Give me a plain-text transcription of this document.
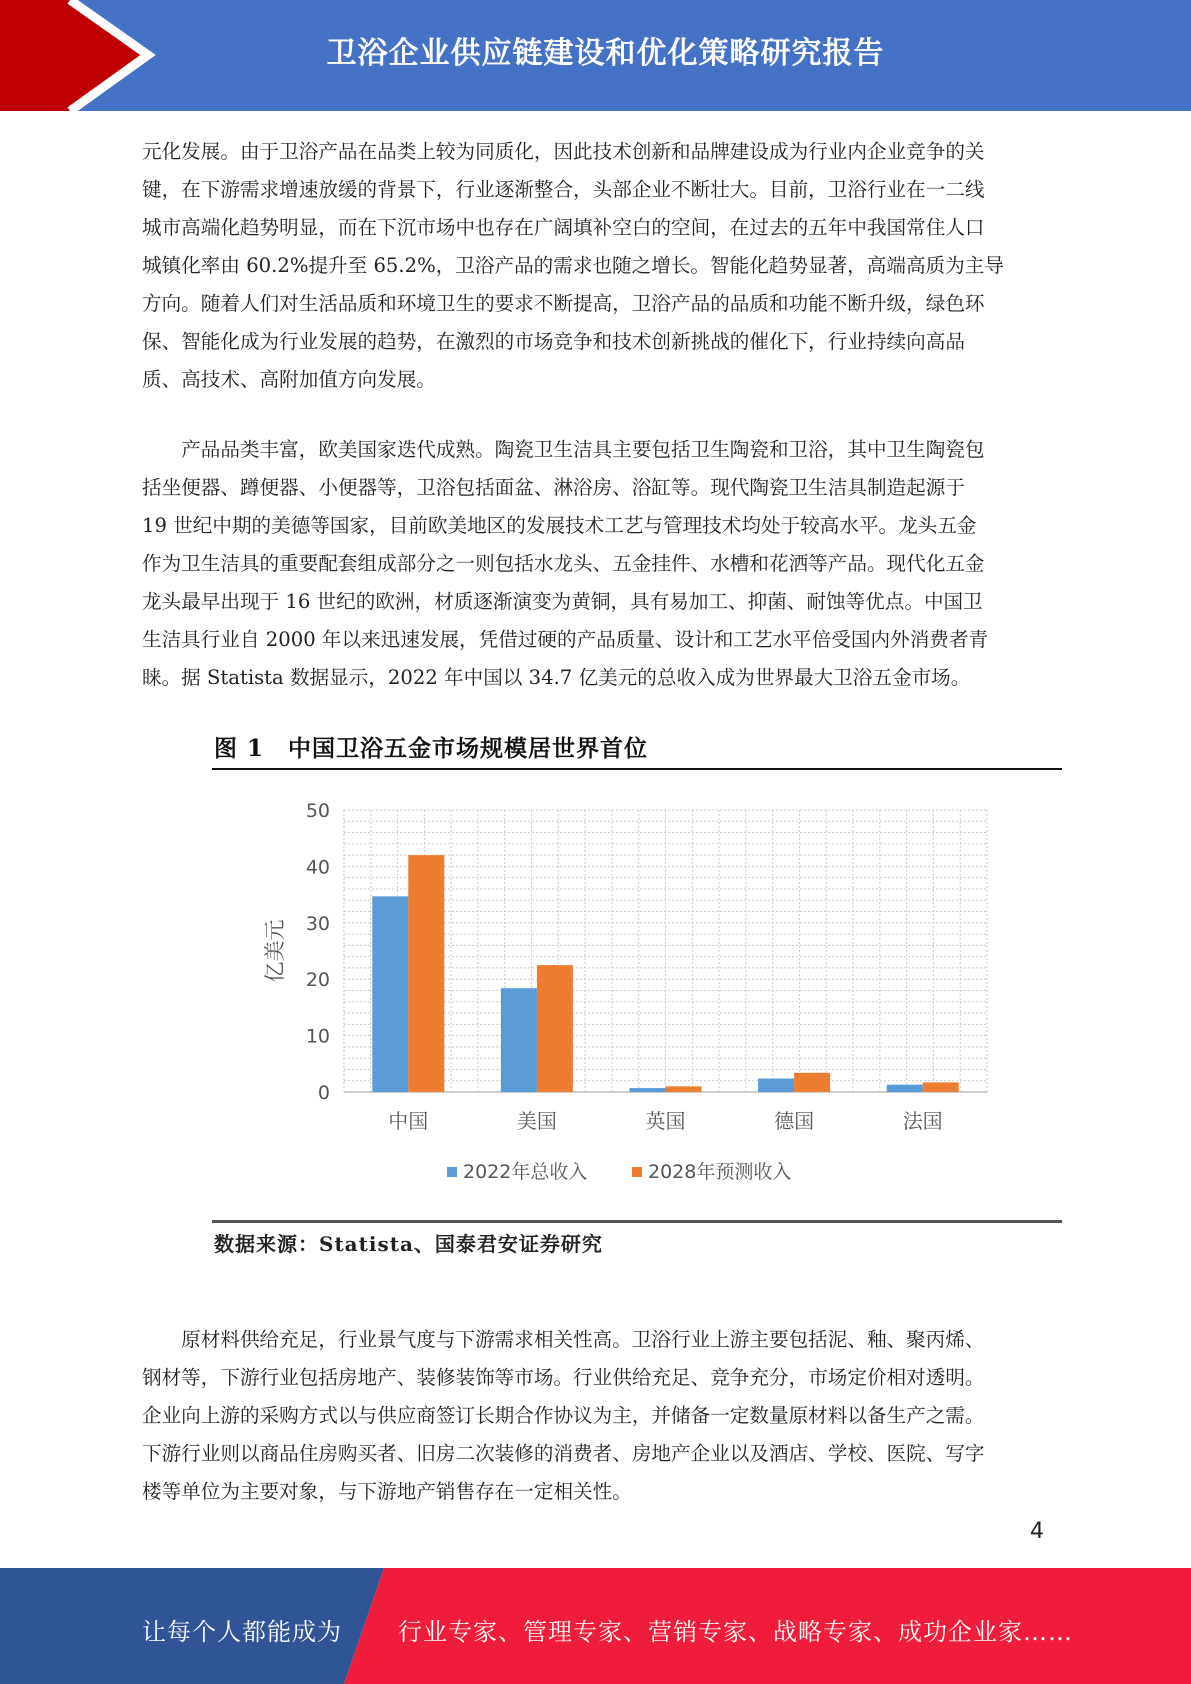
卫浴企业供应链建设和优化策略研究报告
元化发展。由于卫浴产品在品类上较为同质化，因此技术创新和品牌建设成为行业内企业竞争的关
键，在下游需求增速放缓的背景下，行业逐渐整合，头部企业不断壮大。目前，卫浴行业在一二线
城市高端化趋势明显，而在下沉市场中也存在广阔填补空白的空间，在过去的五年中我国常住人口
城镇化率由 60.2%提升至 65.2%，卫浴产品的需求也随之增长。智能化趋势显著，高端高质为主导
方向。随着人们对生活品质和环境卫生的要求不断提高，卫浴产品的品质和功能不断升级，绿色环
保、智能化成为行业发展的趋势，在激烈的市场竞争和技术创新挑战的催化下，行业持续向高品
质、高技术、高附加值方向发展。
　　产品品类丰富，欧美国家迭代成熟。陶瓷卫生洁具主要包括卫生陶瓷和卫浴，其中卫生陶瓷包
括坐便器、蹲便器、小便器等，卫浴包括面盆、淋浴房、浴缸等。现代陶瓷卫生洁具制造起源于
19 世纪中期的美德等国家，目前欧美地区的发展技术工艺与管理技术均处于较高水平。龙头五金
作为卫生洁具的重要配套组成部分之一则包括水龙头、五金挂件、水槽和花洒等产品。现代化五金
龙头最早出现于 16 世纪的欧洲，材质逐渐演变为黄铜，具有易加工、抑菌、耐蚀等优点。中国卫
生洁具行业自 2000 年以来迅速发展，凭借过硬的产品质量、设计和工艺水平倍受国内外消费者青
睐。据 Statista 数据显示，2022 年中国以 34.7 亿美元的总收入成为世界最大卫浴五金市场。
图 1　中国卫浴五金市场规模居世界首位
0
10
20
30
40
50
亿美元
中国	美国	英国	德国	法国
2022年总收入	2028年预测收入
数据来源：Statista、国泰君安证券研究
　　原材料供给充足，行业景气度与下游需求相关性高。卫浴行业上游主要包括泥、釉、聚丙烯、
钢材等，下游行业包括房地产、装修装饰等市场。行业供给充足、竞争充分，市场定价相对透明。
企业向上游的采购方式以与供应商签订长期合作协议为主，并储备一定数量原材料以备生产之需。
下游行业则以商品住房购买者、旧房二次装修的消费者、房地产企业以及酒店、学校、医院、写字
楼等单位为主要对象，与下游地产销售存在一定相关性。
4
让每个人都能成为 行业专家、管理专家、营销专家、战略专家、成功企业家……
